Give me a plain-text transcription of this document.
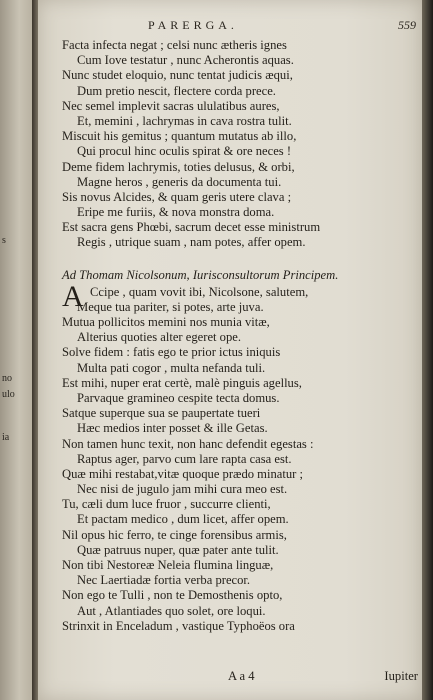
s
no
ulo
ia
PARERGA.	559
Facta infecta negat ; celsi nunc ætheris ignes
Cum Iove testatur , nunc Acherontis aquas.
Nunc studet eloquio, nunc tentat judicis æqui,
Dum pretio nescit, flectere corda prece.
Nec semel implevit sacras ululatibus aures,
Et, memini , lachrymas in cava rostra tulit.
Miscuit his gemitus ; quantum mutatus ab illo,
Qui procul hinc oculis spirat & ore neces !
Deme fidem lachrymis, toties delusus, & orbi,
Magne heros , generis da documenta tui.
Sis novus Alcides, & quam geris utere clava ;
Eripe me furiis, & nova monstra doma.
Est sacra gens Phœbi, sacrum decet esse ministrum
Regis , utrique suam , nam potes, affer opem.
Ad Thomam Nicolsonum, Iurisconsultorum Principem.
A Ccipe , quam vovit ibi, Nicolsone, salutem,
Meque tua pariter, si potes, arte juva.
Mutua pollicitos memini nos munia vitæ,
Alterius quoties alter egeret ope.
Solve fidem : fatis ego te prior ictus iniquis
Multa pati cogor , multa nefanda tuli.
Est mihi, nuper erat certè, malè pinguis agellus,
Parvaque gramineo cespite tecta domus.
Satque superque sua se paupertate tueri
Hæc medios inter posset & ille Getas.
Non tamen hunc texit, non hanc defendit egestas :
Raptus ager, parvo cum lare rapta casa est.
Quæ mihi restabat,vitæ quoque prædo minatur ;
Nec nisi de jugulo jam mihi cura meo est.
Tu, cæli dum luce fruor , succurre clienti,
Et pactam medico , dum licet, affer opem.
Nil opus hic ferro, te cinge forensibus armis,
Quæ patruus nuper, quæ pater ante tulit.
Non tibi Nestoreæ Neleia flumina linguæ,
Nec Laertiadæ fortia verba precor.
Non ego te Tulli , non te Demosthenis opto,
Aut , Atlantiades quo solet, ore loqui.
Strinxit in Enceladum , vastique Typhoëos ora
A a 4	Iupiter
